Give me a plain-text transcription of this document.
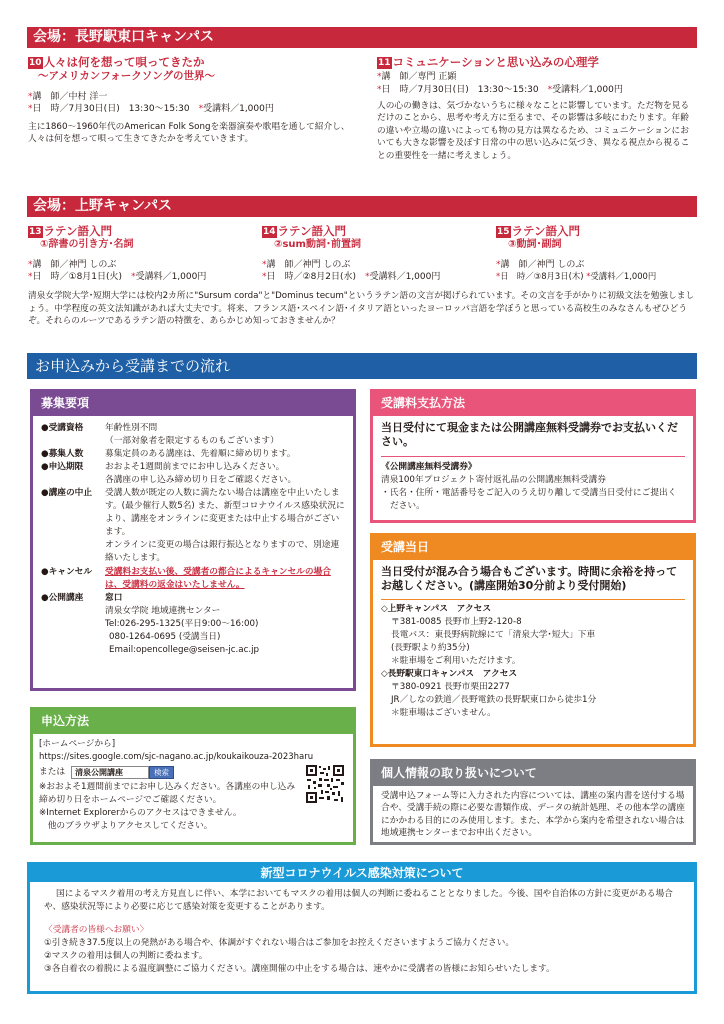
会場：長野駅東口キャンパス
10 人々は何を想って唄ってきたか
～アメリカンフォークソングの世界～
*講　師／中村 洋一
*日　時／7月30日(日)　13:30～15:30　 *受講料／1,000円
主に1860～1960年代のAmerican Folk Songを楽器演奏や歌唱を通して紹介し、人々は何を想って唄って生きてきたかを考えていきます。
11 コミュニケーションと思い込みの心理学
*講　師／専門 正顕
*日　時／7月30日(日)　13:30～15:30　 *受講料／1,000円
人の心の働きは、気づかないうちに様々なことに影響しています。ただ物を見るだけのことから、思考や考え方に至るまで、その影響は多岐にわたります。年齢の違いや立場の違いによっても物の見方は異なるため、コミュニケーションにおいても大きな影響を及ぼす日常の中の思い込みに気づき、異なる視点から視ることの重要性を一緒に考えましょう。
会場：上野キャンパス
13 ラテン語入門
①辞書の引き方･名詞
*講　師／神門 しのぶ
*日　時／①8月1日(火)　 *受講料／1,000円
14 ラテン語入門
②sum動詞･前置詞
*講　師／神門 しのぶ
*日　時／②8月2日(水)　 *受講料／1,000円
15 ラテン語入門
③動詞･副詞
*講　師／神門 しのぶ
*日　時／③8月3日(木) *受講料／1,000円
清泉女学院大学･短期大学には校内2カ所に"Sursum corda"と"Dominus tecum"というラテン語の文言が掲げられています。その文言を手がかりに初級文法を勉強しましょう。中学程度の英文法知識があれば大丈夫です。将来、フランス語･スペイン語･イタリア語といったヨーロッパ言語を学ぼうと思っている高校生のみなさんもぜひどうぞ。それらのルーツであるラテン語の特徴を、あらかじめ知っておきませんか？
お申込みから受講までの流れ
募集要項
●受講資格	年齢性別不問
（一部対象者を限定するものもございます）
●募集人数	募集定員のある講座は、先着順に締め切ります。
●申込期限	おおよそ1週間前までにお申し込みください。
各講座の申し込み締め切り日をご確認ください。
●講座の中止	受講人数が既定の人数に満たない場合は講座を中止いたします。(最少催行人数5名) また、新型コロナウイルス感染状況により、講座をオンラインに変更または中止する場合がございます。
オンラインに変更の場合は銀行振込となりますので、別途連絡いたします。
●キャンセル	受講料お支払い後、受講者の都合によるキャンセルの場合は、受講料の返金はいたしません。
●公開講座	窓口
清泉女学院 地域連携センター
Tel:026-295-1325(平日9:00～16:00)
080-1264-0695 (受講当日)
Email:opencollege@seisen-jc.ac.jp
申込方法
[ホームページから]
https://sites.google.com/sjc-nagano.ac.jp/koukaikouza-2023haru
または	清泉公開講座	検索
※おおよそ1週間前までにお申し込みください。各講座の申し込み締め切り日をホームページでご確認ください。
※Internet Explorerからのアクセスはできません。
　他のブラウザよりアクセスしてください。
受講料支払方法
当日受付にて現金または公開講座無料受講券でお支払いください。
《公開講座無料受講券》
清泉100年プロジェクト寄付返礼品の公開講座無料受講券
・氏名・住所・電話番号をご記入のうえ切り離して受講当日受付にご提出ください。
受講当日
当日受付が混み合う場合もございます。時間に余裕を持ってお越しください。(講座開始30分前より受付開始)
◇上野キャンパス　アクセス
〒381-0085 長野市上野2-120-8
長電バス：東長野病院線にて「清泉大学･短大」下車
(長野駅より約35分)
＊駐車場をご利用いただけます。
◇長野駅東口キャンパス　アクセス
〒380-0921 長野市栗田2277
JR／しなの鉄道／長野電鉄の長野駅東口から徒歩1分
＊駐車場はございません。
個人情報の取り扱いについて
受講申込フォーム等に入力された内容については、講座の案内書を送付する場合や、受講手続の際に必要な書類作成、データの統計処理、その他本学の講座にかかわる目的にのみ使用します。また、本学から案内を希望されない場合は地域連携センターまでお申出ください。
新型コロナウイルス感染対策について
国によるマスク着用の考え方見直しに伴い、本学においてもマスクの着用は個人の判断に委ねることとなりました。今後、国や自治体の方針に変更がある場合や、感染状況等により必要に応じて感染対策を変更することがあります。
〈受講者の皆様へお願い〉
①引き続き37.5度以上の発熱がある場合や、体調がすぐれない場合はご参加をお控えくださいますようご協力ください。
②マスクの着用は個人の判断に委ねます。
③各自着衣の着脱による温度調整にご協力ください。講座開催の中止をする場合は、速やかに受講者の皆様にお知らせいたします。
